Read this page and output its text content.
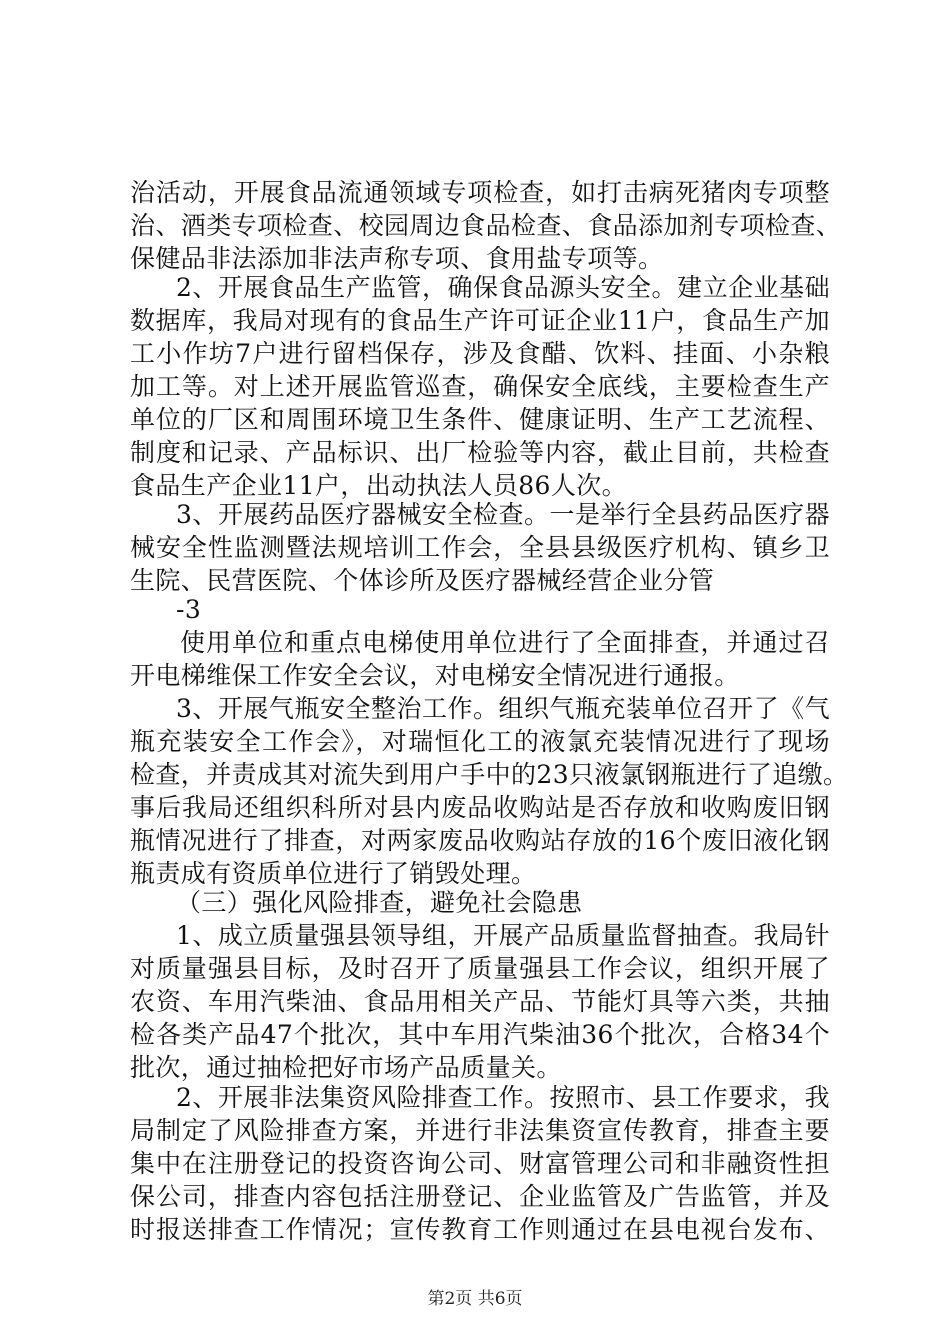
治活动，开展食品流通领域专项检查，如打击病死猪肉专项整
治、酒类专项检查、校园周边食品检查、食品添加剂专项检查、
保健品非法添加非法声称专项、食用盐专项等。
2、开展食品生产监管，确保食品源头安全。建立企业基础
数据库，我局对现有的食品生产许可证企业11户，食品生产加
工小作坊7户进行留档保存，涉及食醋、饮料、挂面、小杂粮
加工等。对上述开展监管巡查，确保安全底线，主要检查生产
单位的厂区和周围环境卫生条件、健康证明、生产工艺流程、
制度和记录、产品标识、出厂检验等内容，截止目前，共检查
食品生产企业11户，出动执法人员86人次。
3、开展药品医疗器械安全检查。一是举行全县药品医疗器
械安全性监测暨法规培训工作会，全县县级医疗机构、镇乡卫
生院、民营医院、个体诊所及医疗器械经营企业分管
-3
使用单位和重点电梯使用单位进行了全面排查，并通过召
开电梯维保工作安全会议，对电梯安全情况进行通报。
3、开展气瓶安全整治工作。组织气瓶充装单位召开了《气
瓶充装安全工作会》，对瑞恒化工的液氯充装情况进行了现场
检查，并责成其对流失到用户手中的23只液氯钢瓶进行了追缴。
事后我局还组织科所对县内废品收购站是否存放和收购废旧钢
瓶情况进行了排查，对两家废品收购站存放的16个废旧液化钢
瓶责成有资质单位进行了销毁处理。
（三）强化风险排查，避免社会隐患
1、成立质量强县领导组，开展产品质量监督抽查。我局针
对质量强县目标，及时召开了质量强县工作会议，组织开展了
农资、车用汽柴油、食品用相关产品、节能灯具等六类，共抽
检各类产品47个批次，其中车用汽柴油36个批次，合格34个
批次，通过抽检把好市场产品质量关。
2、开展非法集资风险排查工作。按照市、县工作要求，我
局制定了风险排查方案，并进行非法集资宣传教育，排查主要
集中在注册登记的投资咨询公司、财富管理公司和非融资性担
保公司，排查内容包括注册登记、企业监管及广告监管，并及
时报送排查工作情况；宣传教育工作则通过在县电视台发布、
第2页 共6页
